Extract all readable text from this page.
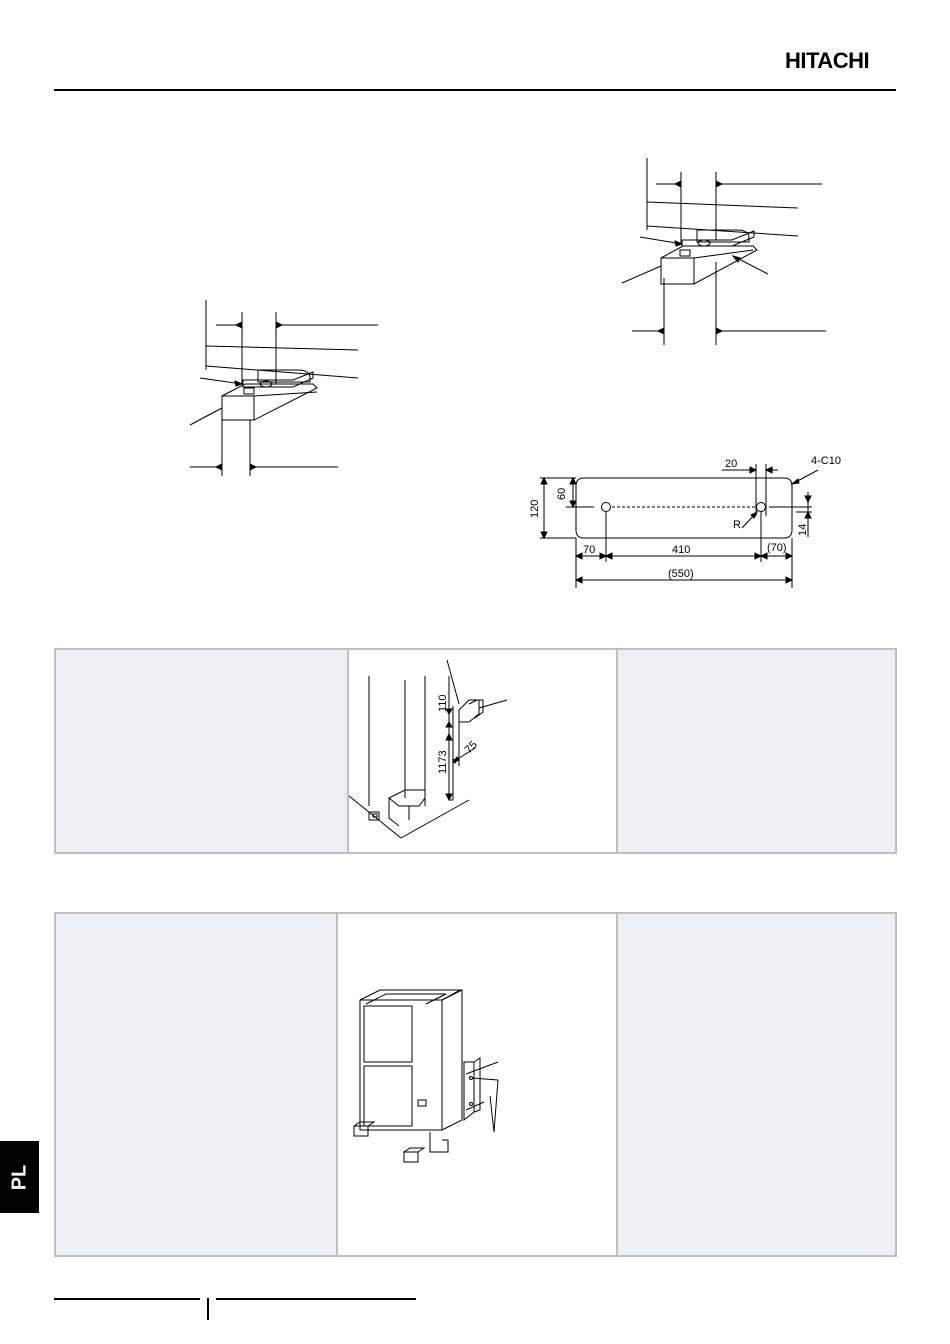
HITACHI
20	4-C10
60
120
R	14
70	410	(70)
(550)
110
1173
75
PL
